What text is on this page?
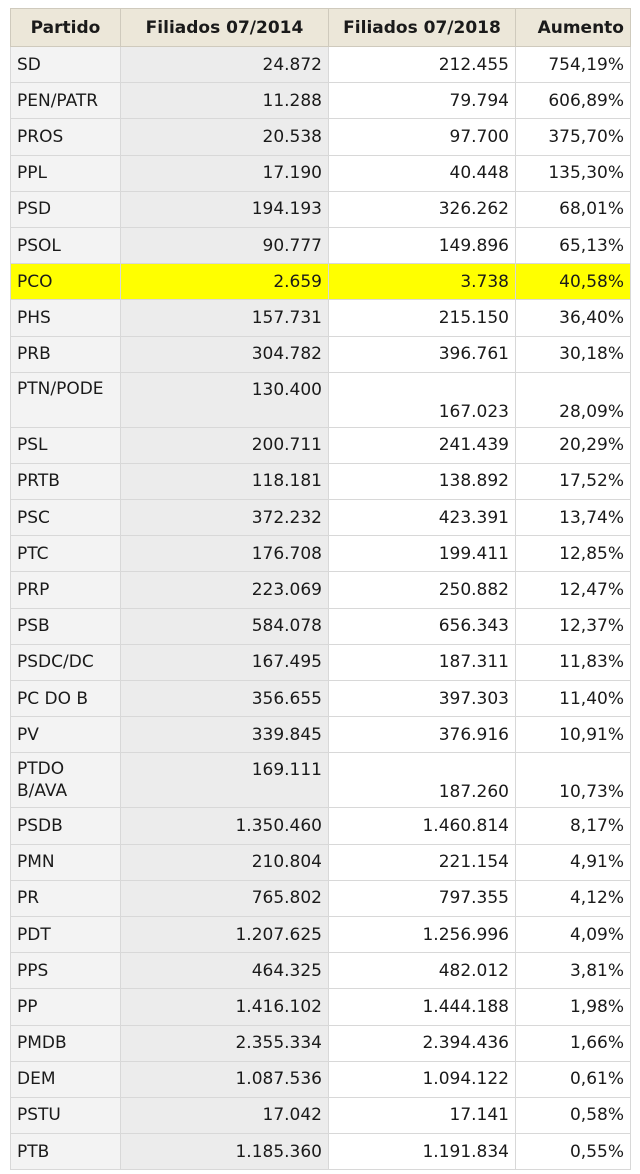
Partido	Filiados 07/2014	Filiados 07/2018	Aumento
SD	24.872	212.455	754,19%
PEN/PATR	11.288	79.794	606,89%
PROS	20.538	97.700	375,70%
PPL	17.190	40.448	135,30%
PSD	194.193	326.262	68,01%
PSOL	90.777	149.896	65,13%
PCO	2.659	3.738	40,58%
PHS	157.731	215.150	36,40%
PRB	304.782	396.761	30,18%
PTN/PODE	130.400	167.023	28,09%
PSL	200.711	241.439	20,29%
PRTB	118.181	138.892	17,52%
PSC	372.232	423.391	13,74%
PTC	176.708	199.411	12,85%
PRP	223.069	250.882	12,47%
PSB	584.078	656.343	12,37%
PSDC/DC	167.495	187.311	11,83%
PC DO B	356.655	397.303	11,40%
PV	339.845	376.916	10,91%
PTDO B/AVA	169.111	187.260	10,73%
PSDB	1.350.460	1.460.814	8,17%
PMN	210.804	221.154	4,91%
PR	765.802	797.355	4,12%
PDT	1.207.625	1.256.996	4,09%
PPS	464.325	482.012	3,81%
PP	1.416.102	1.444.188	1,98%
PMDB	2.355.334	2.394.436	1,66%
DEM	1.087.536	1.094.122	0,61%
PSTU	17.042	17.141	0,58%
PTB	1.185.360	1.191.834	0,55%
